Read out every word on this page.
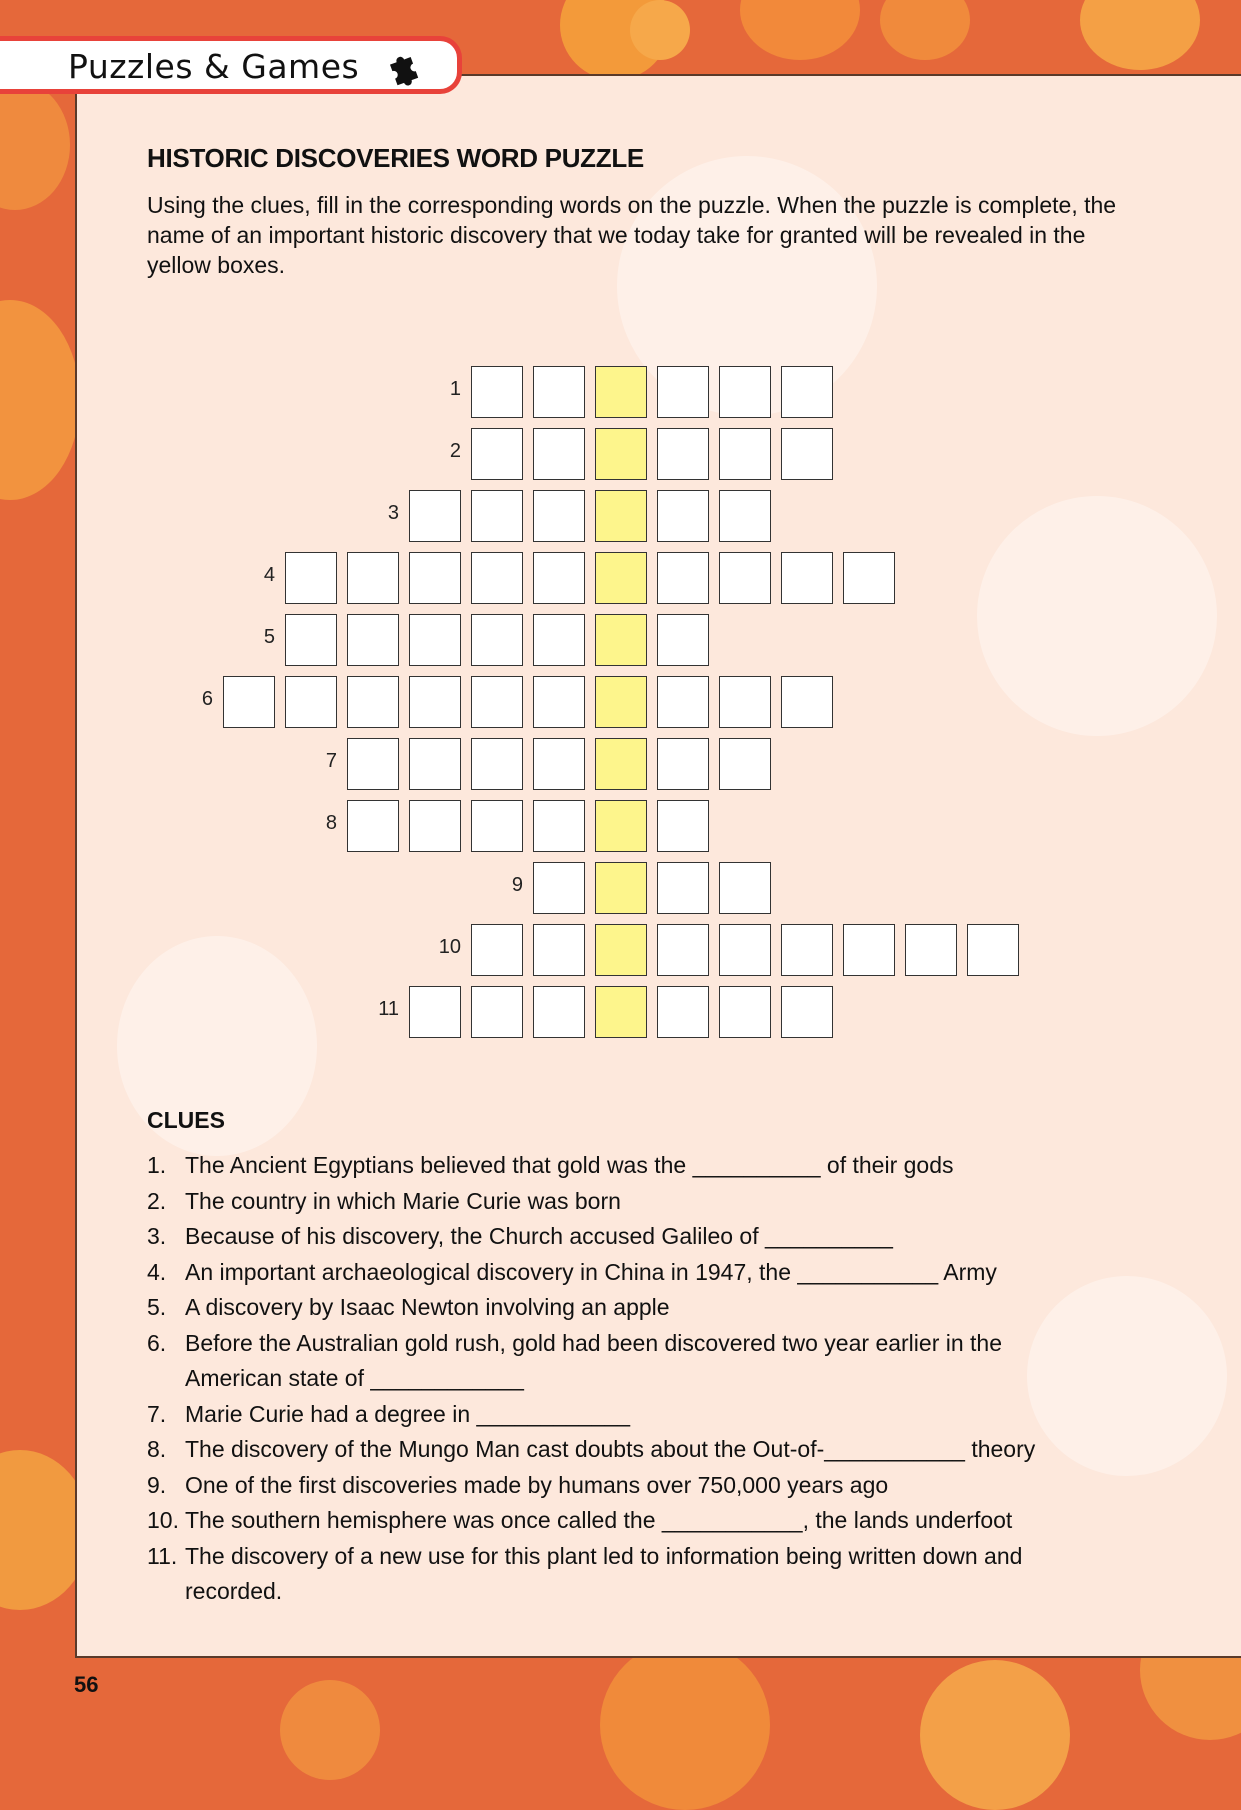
Puzzles & Games
HISTORIC DISCOVERIES WORD PUZZLE
Using the clues, fill in the corresponding words on the puzzle. When the puzzle is complete, the name of an important historic discovery that we today take for granted will be revealed in the yellow boxes.
1
2
3
4
5
6
7
8
9
10
11
CLUES
1. The Ancient Egyptians believed that gold was the __________ of their gods
2. The country in which Marie Curie was born
3. Because of his discovery, the Church accused Galileo of __________
4. An important archaeological discovery in China in 1947, the ___________ Army
5. A discovery by Isaac Newton involving an apple
6. Before the Australian gold rush, gold had been discovered two year earlier in the
American state of ____________
7. Marie Curie had a degree in ____________
8. The discovery of the Mungo Man cast doubts about the Out-of-___________ theory
9. One of the first discoveries made by humans over 750,000 years ago
10. The southern hemisphere was once called the ___________, the lands underfoot
11. The discovery of a new use for this plant led to information being written down and
recorded.
56
